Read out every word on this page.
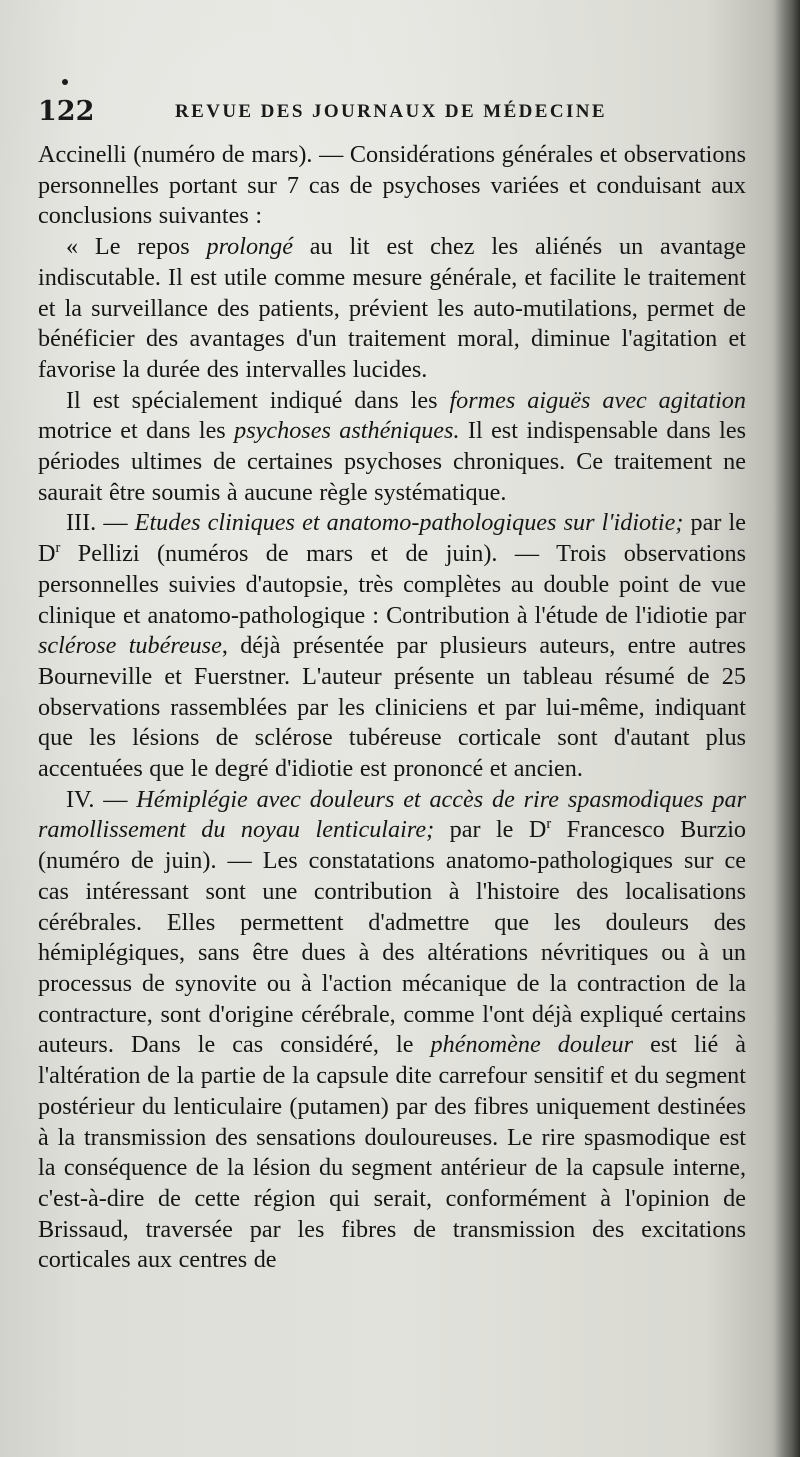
122	REVUE DES JOURNAUX DE MÉDECINE

Accinelli (numéro de mars). — Considérations générales et observations personnelles portant sur 7 cas de psychoses variées et conduisant aux conclusions suivantes :

« Le repos prolongé au lit est chez les aliénés un avantage indiscutable. Il est utile comme mesure générale, et facilite le traitement et la surveillance des patients, prévient les auto-mutilations, permet de bénéficier des avantages d'un traitement moral, diminue l'agitation et favorise la durée des intervalles lucides.

Il est spécialement indiqué dans les formes aiguës avec agitation motrice et dans les psychoses asthéniques. Il est indispensable dans les périodes ultimes de certaines psychoses chroniques. Ce traitement ne saurait être soumis à aucune règle systématique.

III. — Etudes cliniques et anatomo-pathologiques sur l'idiotie; par le $D^r$ Pellizi (numéros de mars et de juin). — Trois observations personnelles suivies d'autopsie, très complètes au double point de vue clinique et anatomo-pathologique : Contribution à l'étude de l'idiotie par sclérose tubéreuse, déjà présentée par plusieurs auteurs, entre autres Bourneville et Fuerstner. L'auteur présente un tableau résumé de 25 observations rassemblées par les cliniciens et par lui-même, indiquant que les lésions de sclérose tubéreuse corticale sont d'autant plus accentuées que le degré d'idiotie est prononcé et ancien.

IV. — Hémiplégie avec douleurs et accès de rire spasmodiques par ramollissement du noyau lenticulaire; par le $D^r$ Francesco Burzio (numéro de juin). — Les constatations anatomo-pathologiques sur ce cas intéressant sont une contribution à l'histoire des localisations cérébrales. Elles permettent d'admettre que les douleurs des hémiplégiques, sans être dues à des altérations névritiques ou à un processus de synovite ou à l'action mécanique de la contraction de la contracture, sont d'origine cérébrale, comme l'ont déjà expliqué certains auteurs. Dans le cas considéré, le phénomène douleur est lié à l'altération de la partie de la capsule dite carrefour sensitif et du segment postérieur du lenticulaire (putamen) par des fibres uniquement destinées à la transmission des sensations douloureuses. Le rire spasmodique est la conséquence de la lésion du segment antérieur de la capsule interne, c'est-à-dire de cette région qui serait, conformément à l'opinion de Brissaud, traversée par les fibres de transmission des excitations corticales aux centres de
